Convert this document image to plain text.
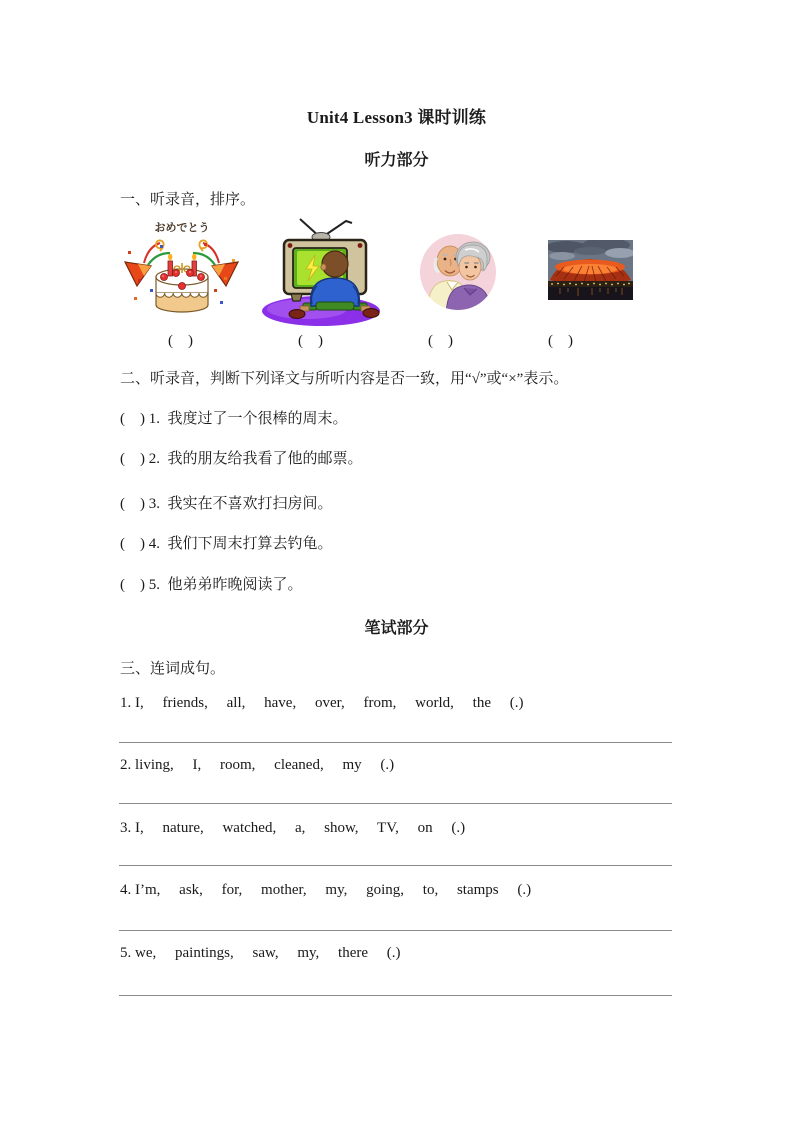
Unit4 Lesson3 课时训练
听力部分
一、听录音，排序。
おめでとう
(    )	(    )	(    )	(    )
二、听录音，判断下列译文与所听内容是否一致，用“√”或“×”表示。
(    ) 1.  我度过了一个很棒的周末。
(    ) 2.  我的朋友给我看了他的邮票。
(    ) 3.  我实在不喜欢打扫房间。
(    ) 4.  我们下周末打算去钓龟。
(    ) 5.  他弟弟昨晚阅读了。
笔试部分
三、连词成句。
1. I,     friends,     all,     have,     over,     from,     world,     the     (.)
2. living,     I,     room,     cleaned,     my     (.)
3. I,     nature,     watched,     a,     show,     TV,     on     (.)
4. I’m,     ask,     for,     mother,     my,     going,     to,     stamps     (.)
5. we,     paintings,     saw,     my,     there     (.)
